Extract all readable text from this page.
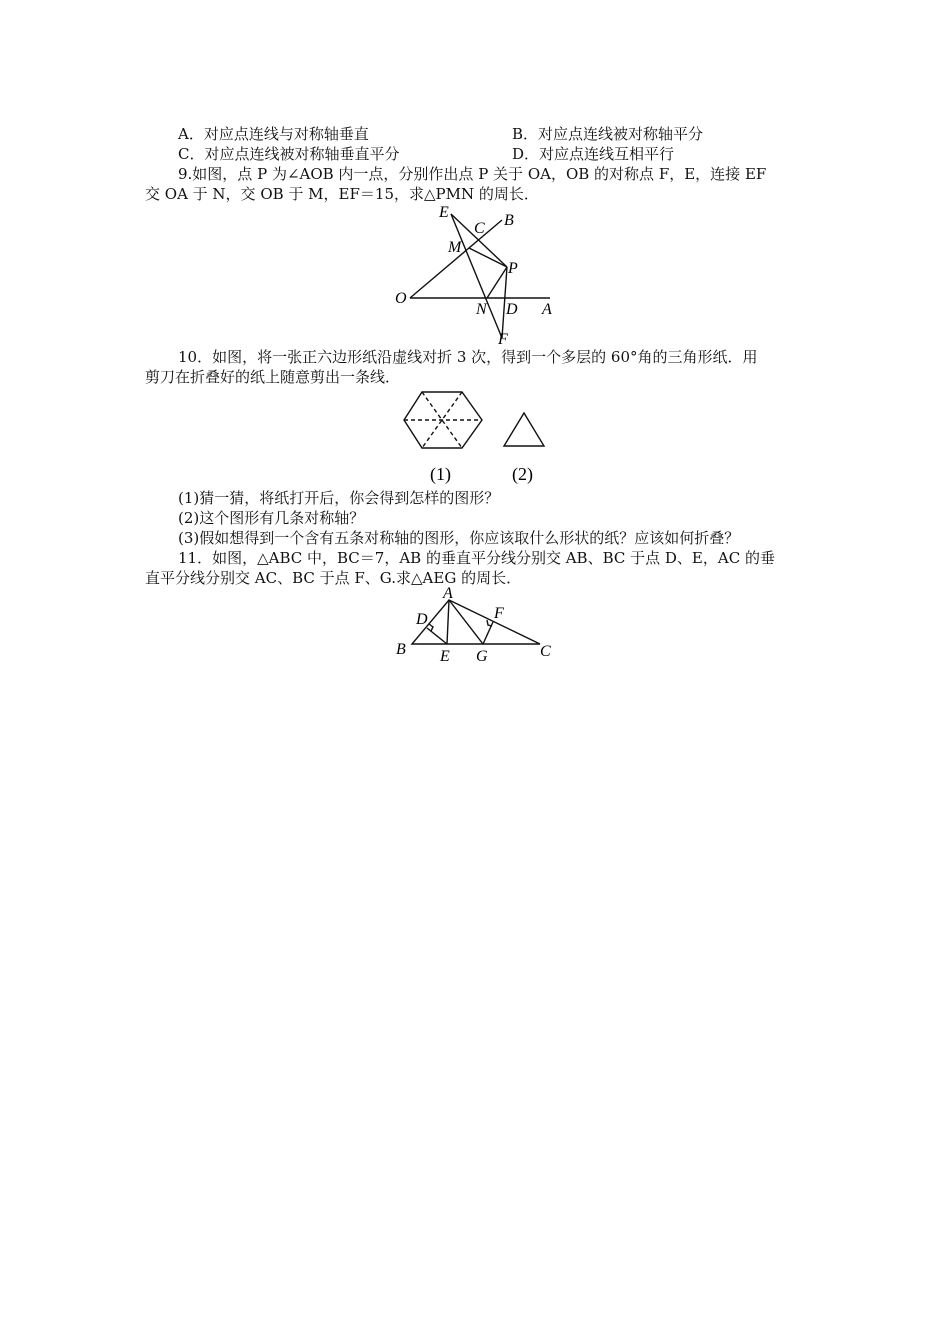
A．对应点连线与对称轴垂直	B．对应点连线被对称轴平分
C．对应点连线被对称轴垂直平分	D．对应点连线互相平行
9.如图，点 P 为∠AOB 内一点，分别作出点 P 关于 OA，OB 的对称点 F，E，连接 EF
交 OA 于 N，交 OB 于 M，EF＝15，求△PMN 的周长．
E
C B
M
P
O
N D A
F
10．如图，将一张正六边形纸沿虚线对折 3 次，得到一个多层的 60°角的三角形纸．用
剪刀在折叠好的纸上随意剪出一条线．
(1)	(2)
(1)猜一猜，将纸打开后，你会得到怎样的图形？
(2)这个图形有几条对称轴？
(3)假如想得到一个含有五条对称轴的图形，你应该取什么形状的纸？应该如何折叠？
11．如图，△ABC 中，BC＝7，AB 的垂直平分线分别交 AB、BC 于点 D、E，AC 的垂
直平分线分别交 AC、BC 于点 F、G.求△AEG 的周长．
A
D	F
B E G	C
